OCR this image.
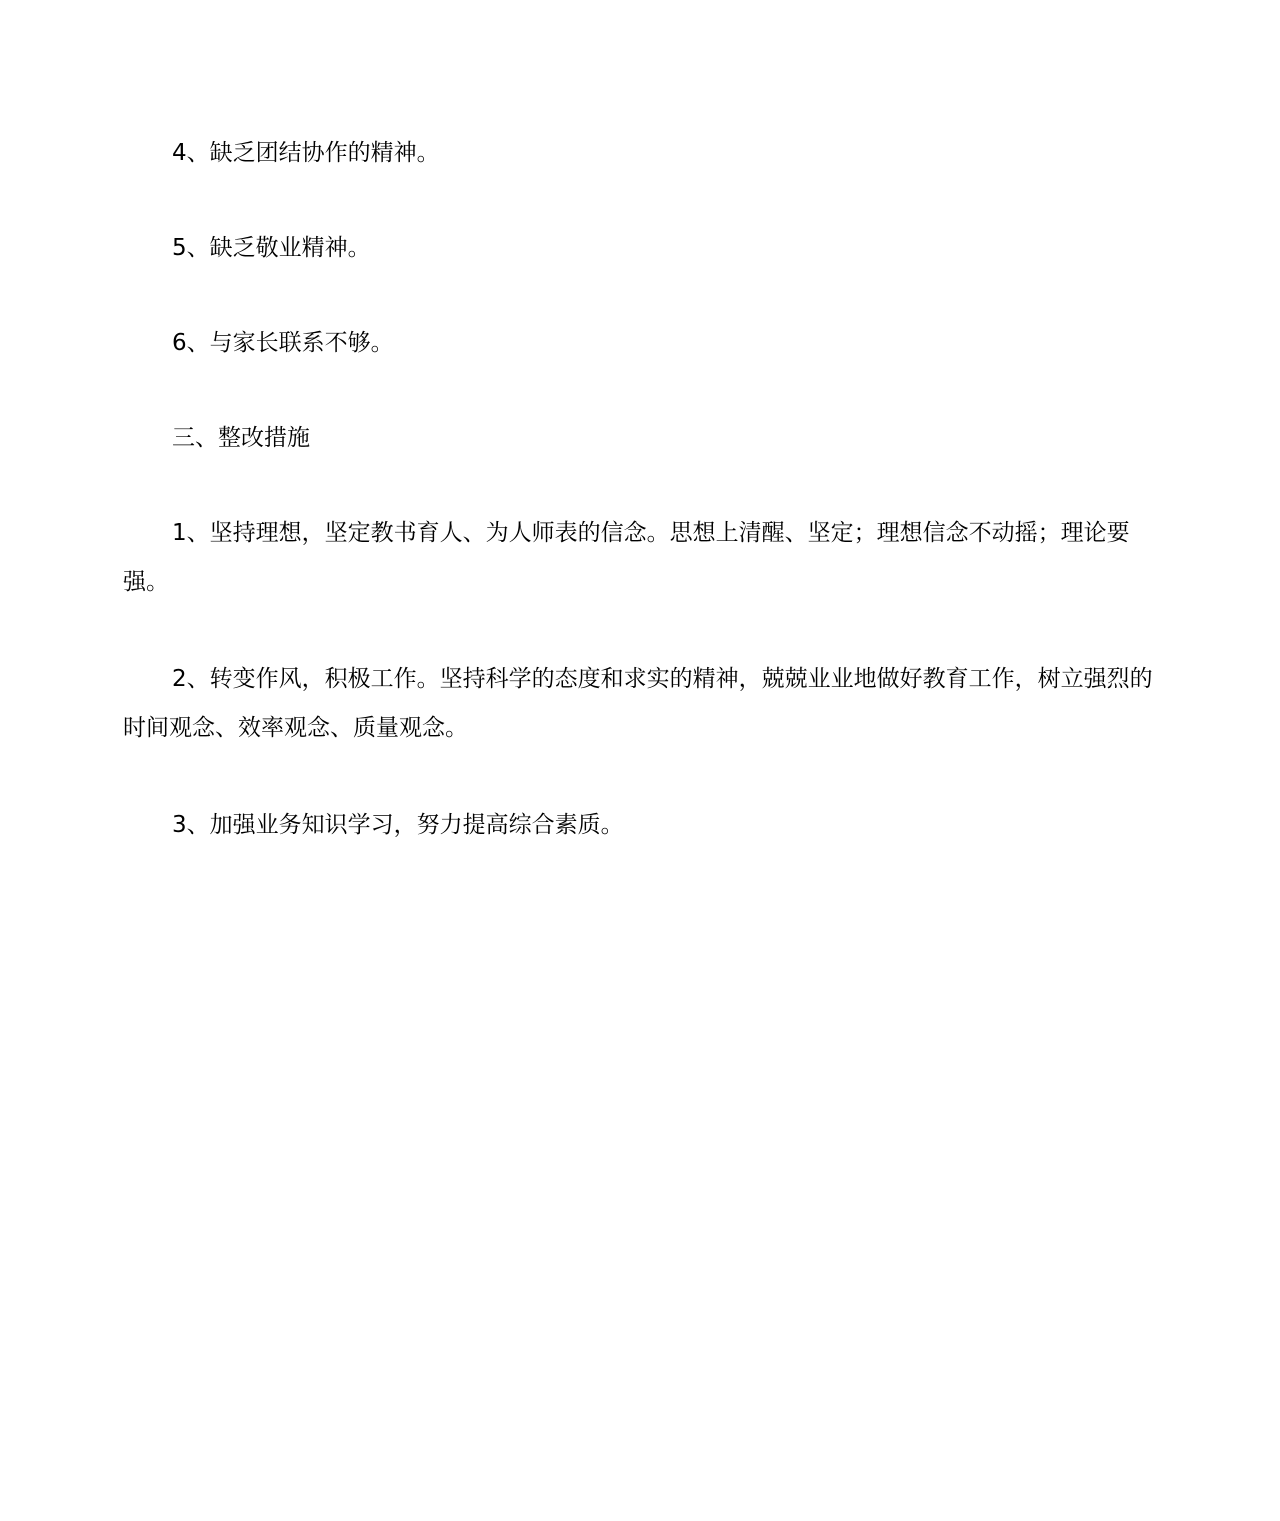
4、缺乏团结协作的精神。

5、缺乏敬业精神。

6、与家长联系不够。

三、整改措施

1、坚持理想，坚定教书育人、为人师表的信念。思想上清醒、坚定；理想信念不动摇；理论要强。

2、转变作风，积极工作。坚持科学的态度和求实的精神，兢兢业业地做好教育工作，树立强烈的时间观念、效率观念、质量观念。

3、加强业务知识学习，努力提高综合素质。
